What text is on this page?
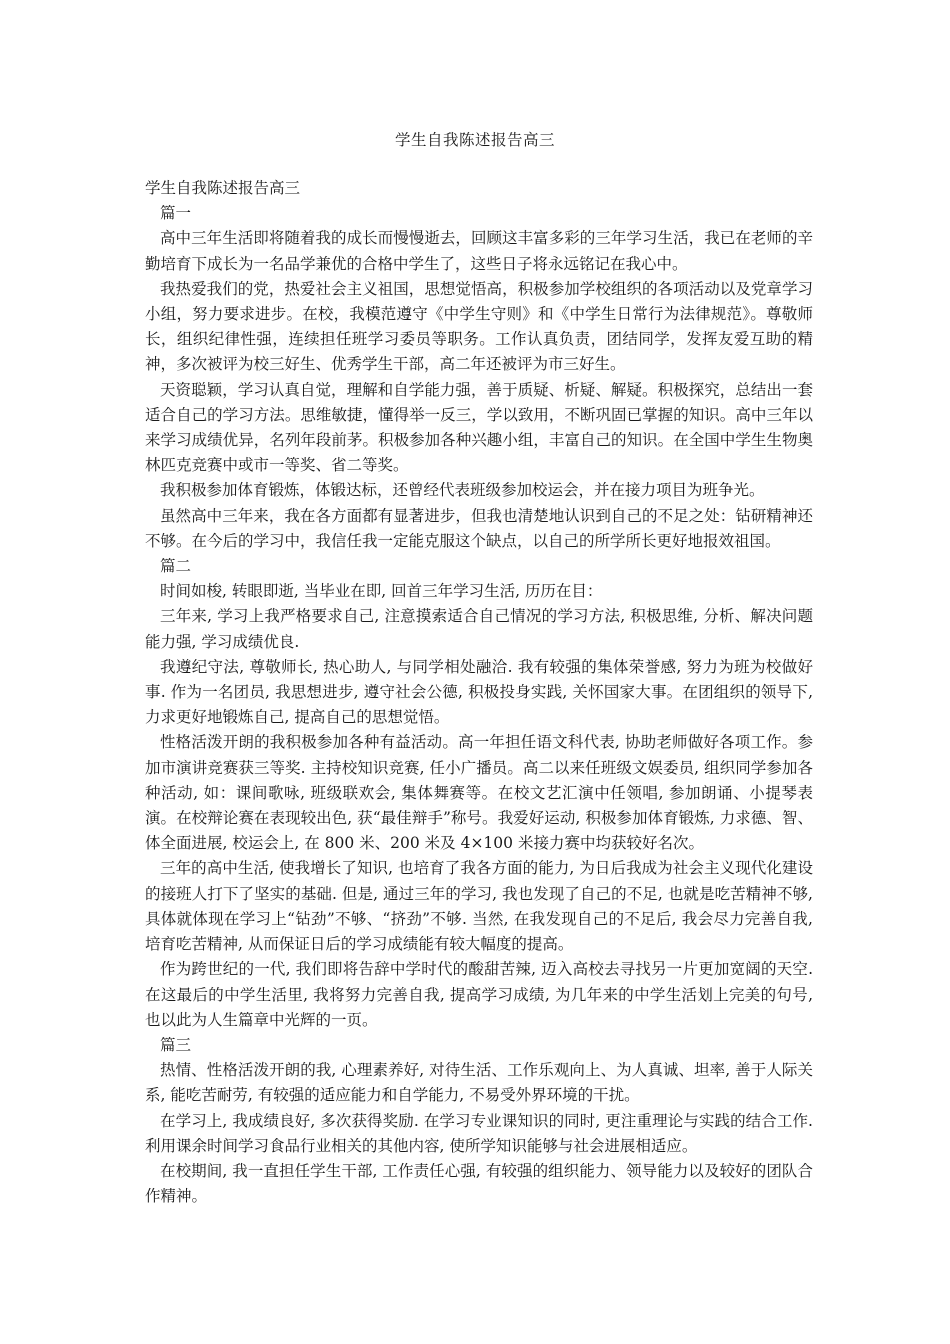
学生自我陈述报告高三

学生自我陈述报告高三

篇一

高中三年生活即将随着我的成长而慢慢逝去，回顾这丰富多彩的三年学习生活，我已在老师的辛勤培育下成长为一名品学兼优的合格中学生了，这些日子将永远铭记在我心中。

我热爱我们的党，热爱社会主义祖国，思想觉悟高，积极参加学校组织的各项活动以及党章学习小组，努力要求进步。在校，我模范遵守《中学生守则》和《中学生日常行为法律规范》。尊敬师长，组织纪律性强，连续担任班学习委员等职务。工作认真负责，团结同学，发挥友爱互助的精神，多次被评为校三好生、优秀学生干部，高二年还被评为市三好生。

天资聪颖，学习认真自觉，理解和自学能力强，善于质疑、析疑、解疑。积极探究，总结出一套适合自己的学习方法。思维敏捷，懂得举一反三，学以致用，不断巩固已掌握的知识。高中三年以来学习成绩优异，名列年段前茅。积极参加各种兴趣小组，丰富自己的知识。在全国中学生生物奥林匹克竞赛中或市一等奖、省二等奖。

我积极参加体育锻炼，体锻达标，还曾经代表班级参加校运会，并在接力项目为班争光。

虽然高中三年来，我在各方面都有显著进步，但我也清楚地认识到自己的不足之处：钻研精神还不够。在今后的学习中，我信任我一定能克服这个缺点，以自己的所学所长更好地报效祖国。

篇二

时间如梭, 转眼即逝, 当毕业在即, 回首三年学习生活, 历历在目：

三年来, 学习上我严格要求自己, 注意摸索适合自己情况的学习方法, 积极思维, 分析、解决问题能力强, 学习成绩优良.

我遵纪守法, 尊敬师长, 热心助人, 与同学相处融洽. 我有较强的集体荣誉感, 努力为班为校做好事. 作为一名团员, 我思想进步, 遵守社会公德, 积极投身实践, 关怀国家大事。在团组织的领导下, 力求更好地锻炼自己, 提高自己的思想觉悟。

性格活泼开朗的我积极参加各种有益活动。高一年担任语文科代表, 协助老师做好各项工作。参加市演讲竞赛获三等奖. 主持校知识竞赛, 任小广播员。高二以来任班级文娱委员, 组织同学参加各种活动, 如：课间歌咏, 班级联欢会, 集体舞赛等。在校文艺汇演中任领唱, 参加朗诵、小提琴表演。在校辩论赛在表现较出色, 获“最佳辩手”称号。我爱好运动, 积极参加体育锻炼, 力求德、智、体全面进展, 校运会上, 在 800 米、200 米及 4×100 米接力赛中均获较好名次。

三年的高中生活, 使我增长了知识, 也培育了我各方面的能力, 为日后我成为社会主义现代化建设的接班人打下了坚实的基础. 但是, 通过三年的学习, 我也发现了自己的不足, 也就是吃苦精神不够, 具体就体现在学习上“钻劲”不够、“挤劲”不够. 当然, 在我发现自己的不足后, 我会尽力完善自我, 培育吃苦精神, 从而保证日后的学习成绩能有较大幅度的提高。

作为跨世纪的一代, 我们即将告辞中学时代的酸甜苦辣, 迈入高校去寻找另一片更加宽阔的天空. 在这最后的中学生活里, 我将努力完善自我, 提高学习成绩, 为几年来的中学生活划上完美的句号, 也以此为人生篇章中光辉的一页。

篇三

热情、性格活泼开朗的我, 心理素养好, 对待生活、工作乐观向上、为人真诚、坦率, 善于人际关系, 能吃苦耐劳, 有较强的适应能力和自学能力, 不易受外界环境的干扰。

在学习上, 我成绩良好, 多次获得奖励. 在学习专业课知识的同时, 更注重理论与实践的结合工作. 利用课余时间学习食品行业相关的其他内容, 使所学知识能够与社会进展相适应。

在校期间, 我一直担任学生干部, 工作责任心强, 有较强的组织能力、领导能力以及较好的团队合作精神。
